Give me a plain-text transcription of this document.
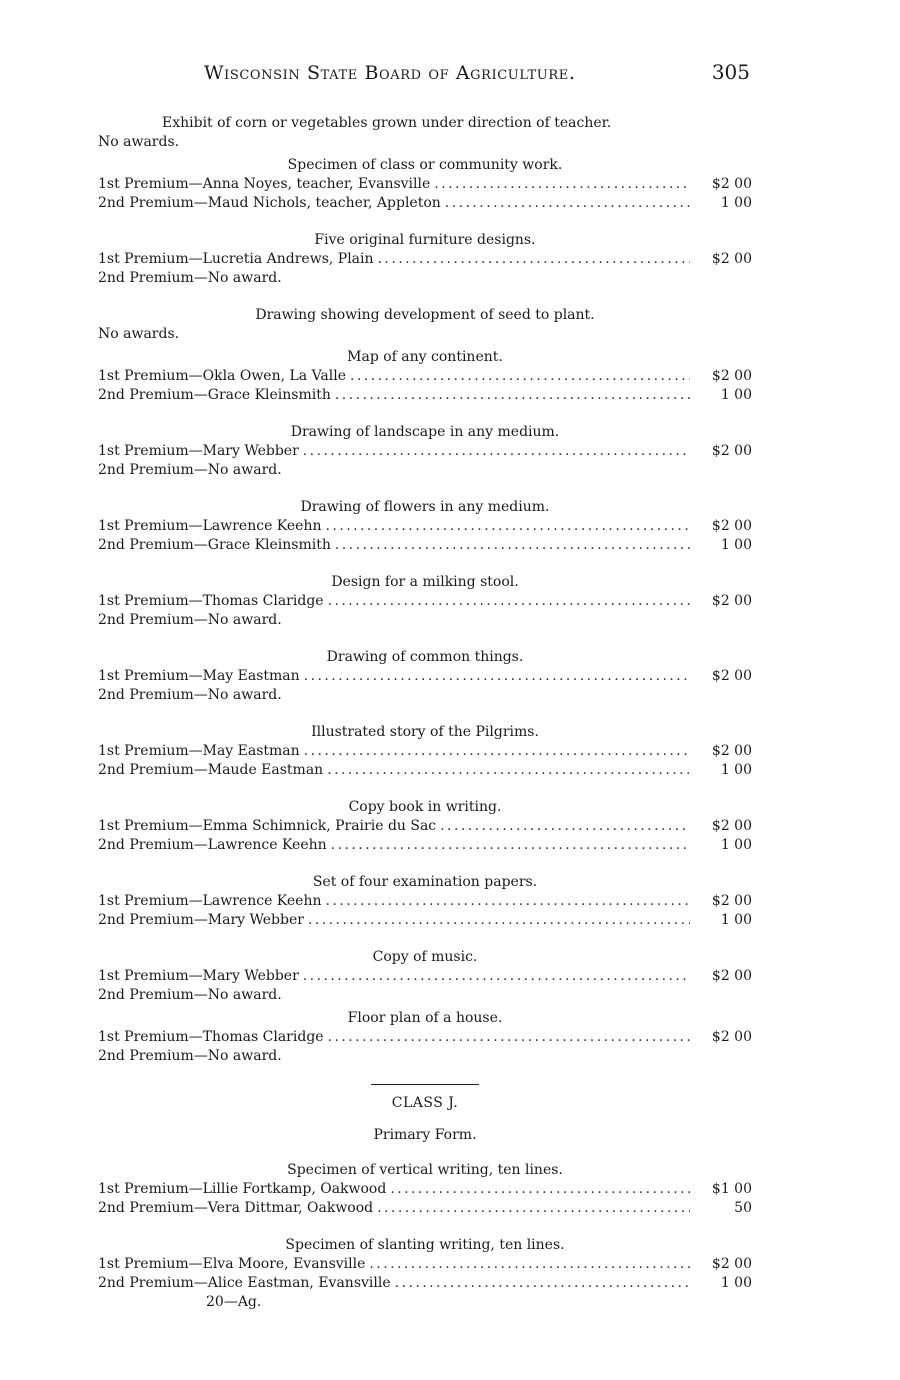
Wisconsin State Board of Agriculture.	305
Exhibit of corn or vegetables grown under direction of teacher.
No awards.
Specimen of class or community work.
1st Premium—Anna Noyes, teacher, Evansville . . .	$2 00
2nd Premium—Maud Nichols, teacher, Appleton . . .	1 00
Five original furniture designs.
1st Premium—Lucretia Andrews, Plain . . .	$2 00
2nd Premium—No award.
Drawing showing development of seed to plant.
No awards.
Map of any continent.
1st Premium—Okla Owen, La Valle . . .	$2 00
2nd Premium—Grace Kleinsmith . . .	1 00
Drawing of landscape in any medium.
1st Premium—Mary Webber . . .	$2 00
2nd Premium—No award.
Drawing of flowers in any medium.
1st Premium—Lawrence Keehn . . .	$2 00
2nd Premium—Grace Kleinsmith . . .	1 00
Design for a milking stool.
1st Premium—Thomas Claridge . . .	$2 00
2nd Premium—No award.
Drawing of common things.
1st Premium—May Eastman . . .	$2 00
2nd Premium—No award.
Illustrated story of the Pilgrims.
1st Premium—May Eastman . . .	$2 00
2nd Premium—Maude Eastman . . .	1 00
Copy book in writing.
1st Premium—Emma Schimnick, Prairie du Sac . . .	$2 00
2nd Premium—Lawrence Keehn . . .	1 00
Set of four examination papers.
1st Premium—Lawrence Keehn . . .	$2 00
2nd Premium—Mary Webber . . .	1 00
Copy of music.
1st Premium—Mary Webber . . .	$2 00
2nd Premium—No award.
Floor plan of a house.
1st Premium—Thomas Claridge . . .	$2 00
2nd Premium—No award.
CLASS J.
Primary Form.
Specimen of vertical writing, ten lines.
1st Premium—Lillie Fortkamp, Oakwood . . .	$1 00
2nd Premium—Vera Dittmar, Oakwood . . .	50
Specimen of slanting writing, ten lines.
1st Premium—Elva Moore, Evansville . . .	$2 00
2nd Premium—Alice Eastman, Evansville . . .	1 00
20—Ag.
